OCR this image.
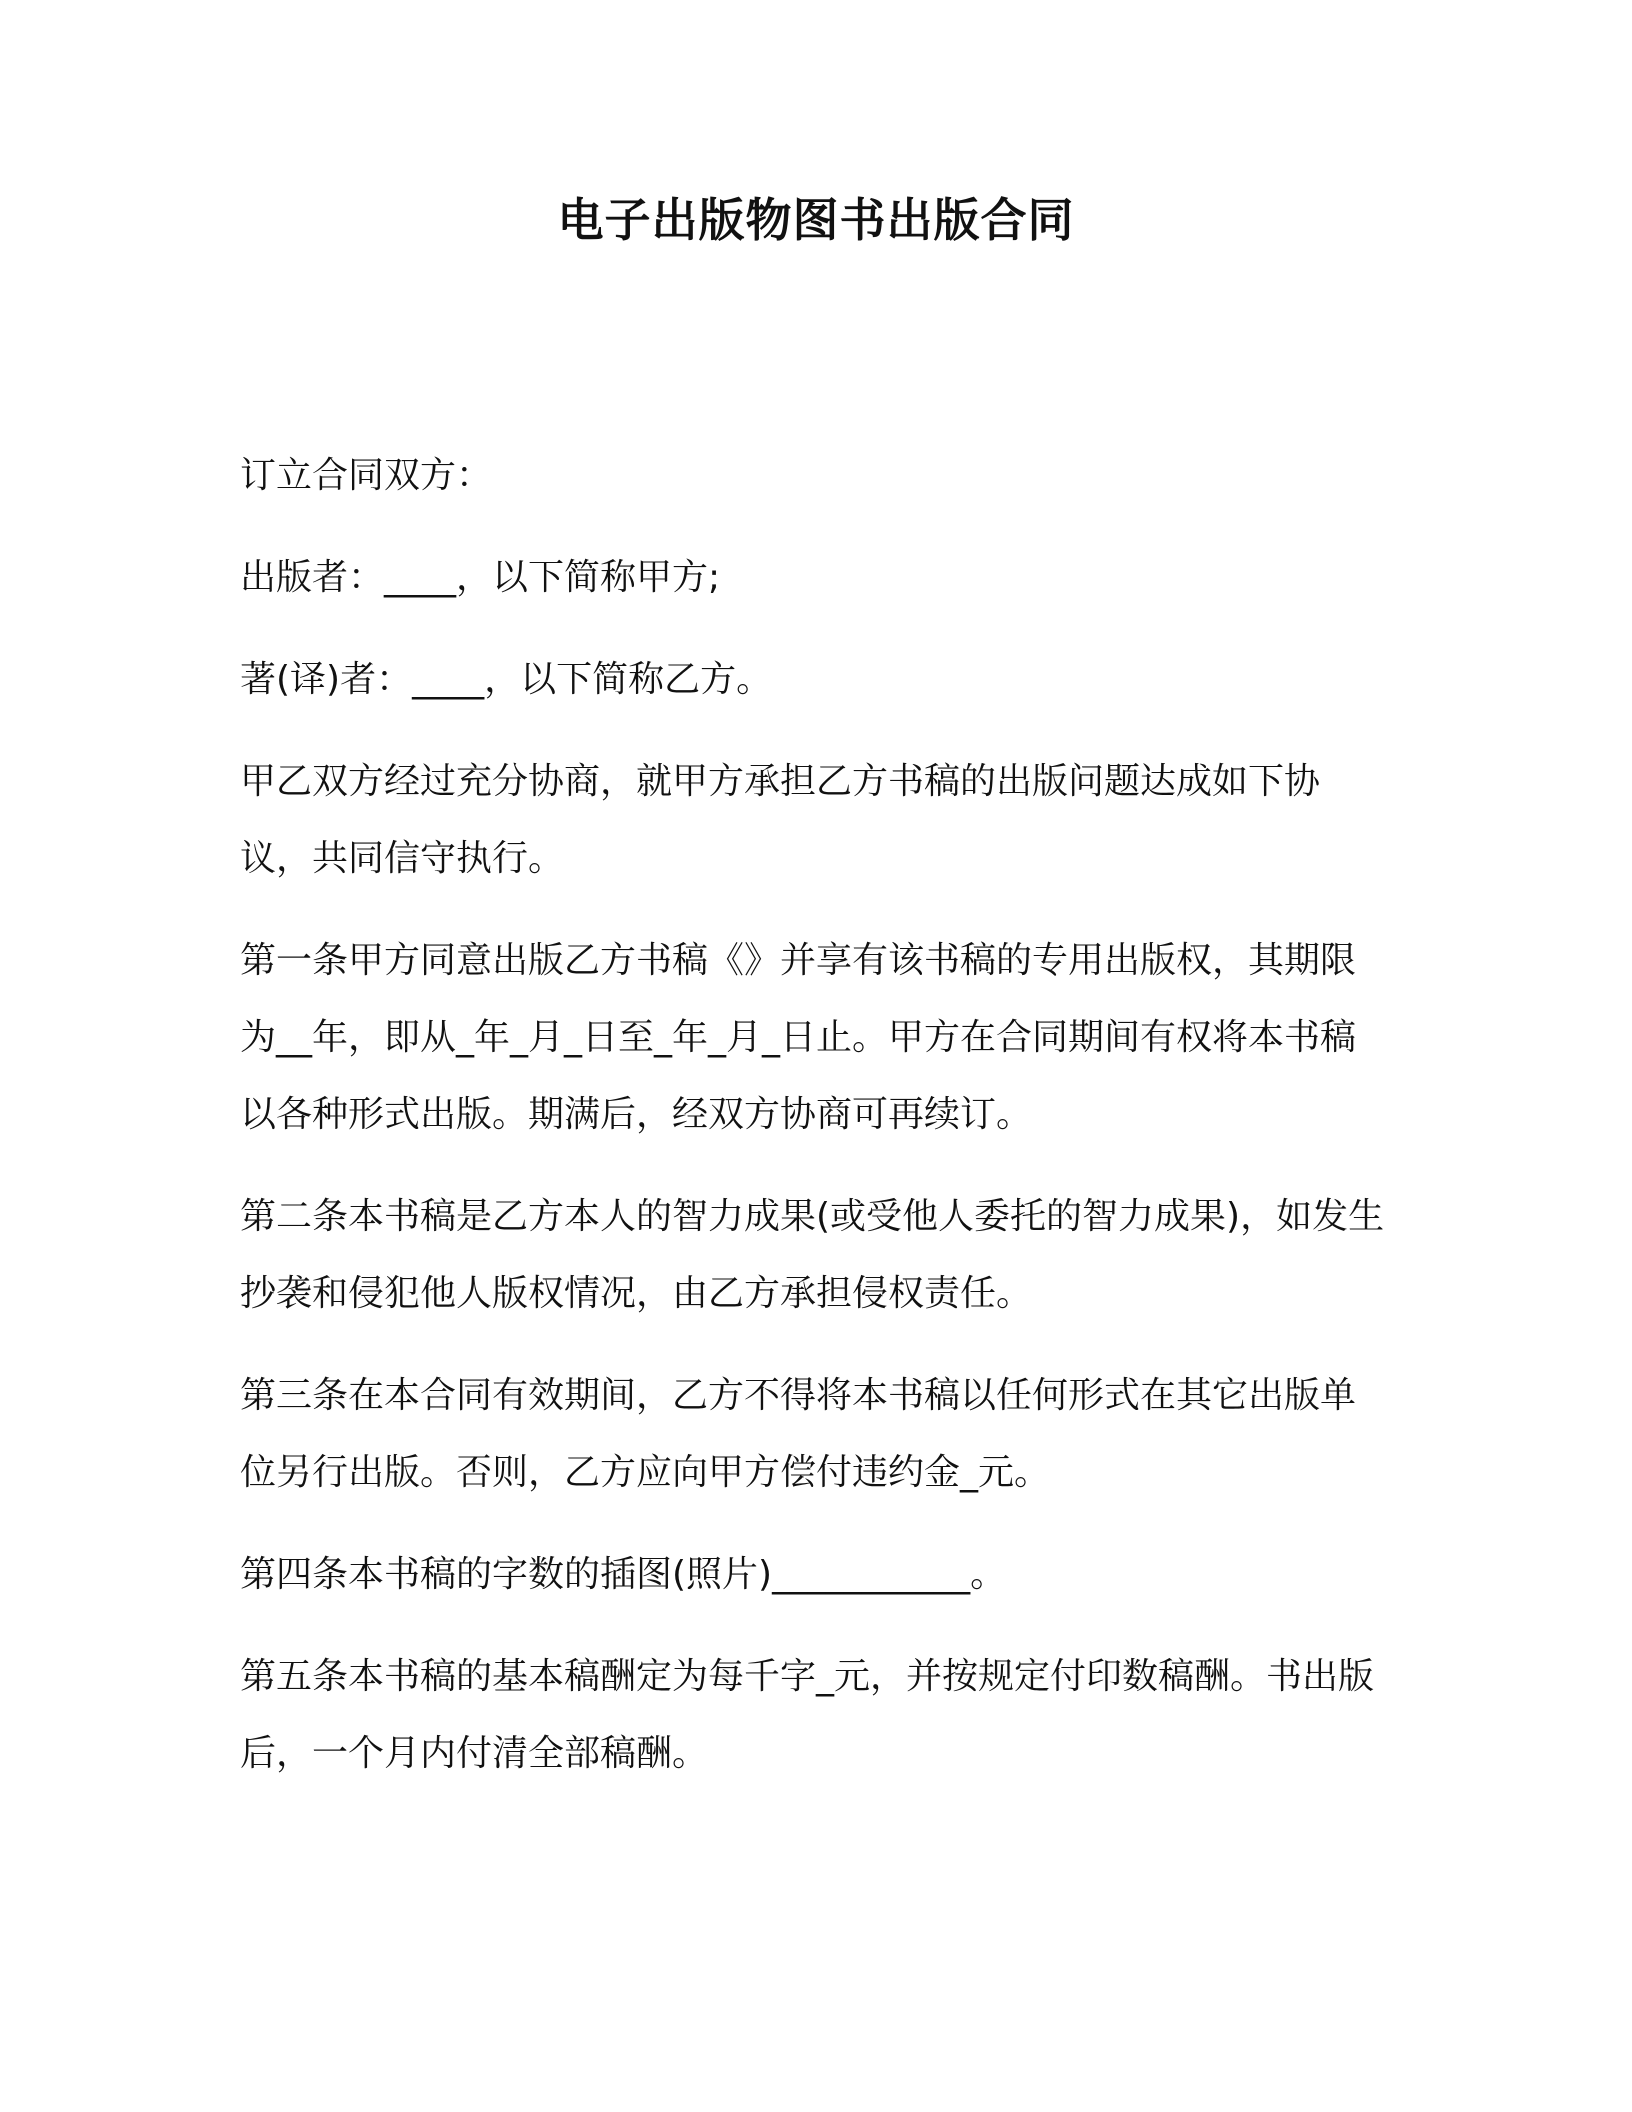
电子出版物图书出版合同

订立合同双方：

出版者：____，以下简称甲方;

著(译)者：____，以下简称乙方。

甲乙双方经过充分协商，就甲方承担乙方书稿的出版问题达成如下协议，共同信守执行。

第一条甲方同意出版乙方书稿《》并享有该书稿的专用出版权，其期限为__年，即从_年_月_日至_年_月_日止。甲方在合同期间有权将本书稿以各种形式出版。期满后，经双方协商可再续订。

第二条本书稿是乙方本人的智力成果(或受他人委托的智力成果)，如发生抄袭和侵犯他人版权情况，由乙方承担侵权责任。

第三条在本合同有效期间，乙方不得将本书稿以任何形式在其它出版单位另行出版。否则，乙方应向甲方偿付违约金_元。

第四条本书稿的字数的插图(照片)___________。

第五条本书稿的基本稿酬定为每千字_元，并按规定付印数稿酬。书出版后，一个月内付清全部稿酬。
